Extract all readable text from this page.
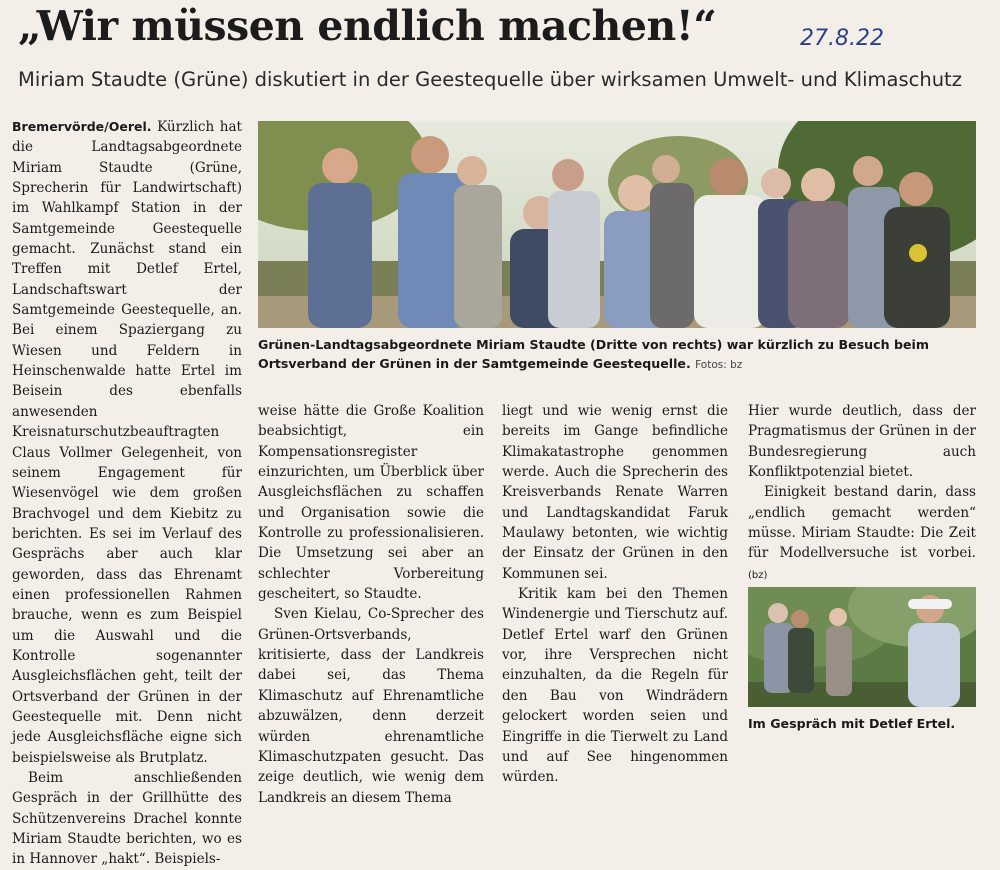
„Wir müssen endlich machen!“	27.8.22
Miriam Staudte (Grüne) diskutiert in der Geestequelle über wirksamen Umwelt- und Klimaschutz

Bremervörde/Oerel. Kürzlich hat die Landtagsabgeordnete Miriam Staudte (Grüne, Sprecherin für Landwirtschaft) im Wahlkampf Station in der Samtgemeinde Geestequelle gemacht. Zunächst stand ein Treffen mit Detlef Ertel, Landschaftswart der Samtgemeinde Geestequelle, an. Bei einem Spaziergang zu Wiesen und Feldern in Heinschenwalde hatte Ertel im Beisein des ebenfalls anwesenden Kreisnaturschutzbeauftragten Claus Vollmer Gelegenheit, von seinem Engagement für Wiesenvögel wie dem großen Brachvogel und dem Kiebitz zu berichten. Es sei im Verlauf des Gesprächs aber auch klar geworden, dass das Ehrenamt einen professionellen Rahmen brauche, wenn es zum Beispiel um die Auswahl und die Kontrolle sogenannter Ausgleichsflächen geht, teilt der Ortsverband der Grünen in der Geestequelle mit. Denn nicht jede Ausgleichsfläche eigne sich beispielsweise als Brutplatz.

Beim anschließenden Gespräch in der Grillhütte des Schützenvereins Drachel konnte Miriam Staudte berichten, wo es in Hannover „hakt“. Beispiels-

Grünen-Landtagsabgeordnete Miriam Staudte (Dritte von rechts) war kürzlich zu Besuch beim Ortsverband der Grünen in der Samtgemeinde Geestequelle. Fotos: bz

weise hätte die Große Koalition beabsichtigt, ein Kompensationsregister einzurichten, um Überblick über Ausgleichsflächen zu schaffen und Organisation sowie die Kontrolle zu professionalisieren. Die Umsetzung sei aber an schlechter Vorbereitung gescheitert, so Staudte.

Sven Kielau, Co-Sprecher des Grünen-Ortsverbands, kritisierte, dass der Landkreis dabei sei, das Thema Klimaschutz auf Ehrenamtliche abzuwälzen, denn derzeit würden ehrenamtliche Klimaschutzpaten gesucht. Das zeige deutlich, wie wenig dem Landkreis an diesem Thema

liegt und wie wenig ernst die bereits im Gange befindliche Klimakatastrophe genommen werde. Auch die Sprecherin des Kreisverbands Renate Warren und Landtagskandidat Faruk Maulawy betonten, wie wichtig der Einsatz der Grünen in den Kommunen sei.

Kritik kam bei den Themen Windenergie und Tierschutz auf. Detlef Ertel warf den Grünen vor, ihre Versprechen nicht einzuhalten, da die Regeln für den Bau von Windrädern gelockert worden seien und Eingriffe in die Tierwelt zu Land und auf See hingenommen würden.

Hier wurde deutlich, dass der Pragmatismus der Grünen in der Bundesregierung auch Konfliktpotenzial bietet.

Einigkeit bestand darin, dass „endlich gemacht werden“ müsse. Miriam Staudte: Die Zeit für Modellversuche ist vorbei. (bz)

Im Gespräch mit Detlef Ertel.
